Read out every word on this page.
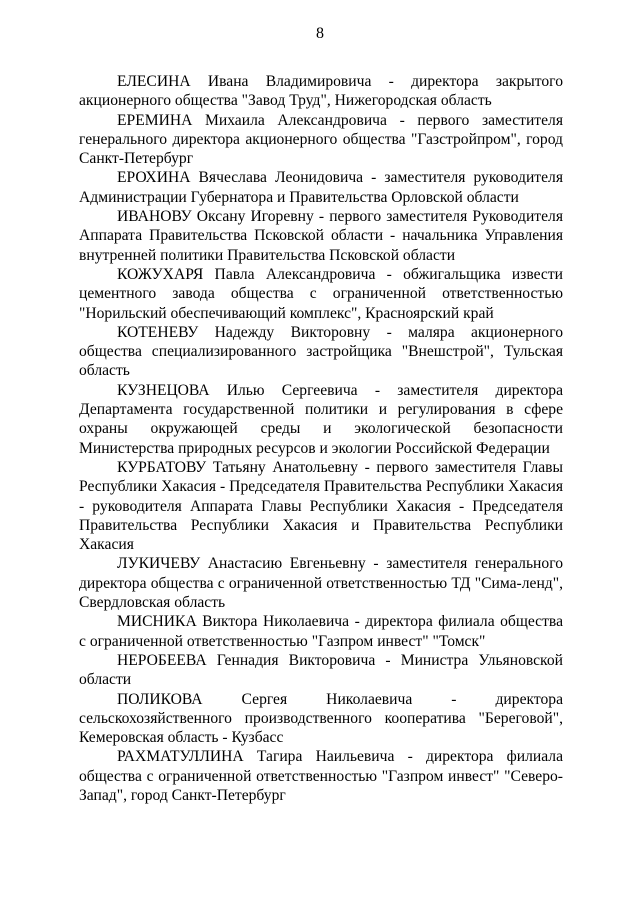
8

ЕЛЕСИНА Ивана Владимировича - директора закрытого акционерного общества "Завод Труд", Нижегородская область

ЕРЕМИНА Михаила Александровича - первого заместителя генерального директора акционерного общества "Газстройпром", город Санкт-Петербург

ЕРОХИНА Вячеслава Леонидовича - заместителя руководителя Администрации Губернатора и Правительства Орловской области

ИВАНОВУ Оксану Игоревну - первого заместителя Руководителя Аппарата Правительства Псковской области - начальника Управления внутренней политики Правительства Псковской области

КОЖУХАРЯ Павла Александровича - обжигальщика извести цементного завода общества с ограниченной ответственностью "Норильский обеспечивающий комплекс", Красноярский край

КОТЕНЕВУ Надежду Викторовну - маляра акционерного общества специализированного застройщика "Внешстрой", Тульская область

КУЗНЕЦОВА Илью Сергеевича - заместителя директора Департамента государственной политики и регулирования в сфере охраны окружающей среды и экологической безопасности Министерства природных ресурсов и экологии Российской Федерации

КУРБАТОВУ Татьяну Анатольевну - первого заместителя Главы Республики Хакасия - Председателя Правительства Республики Хакасия - руководителя Аппарата Главы Республики Хакасия - Председателя Правительства Республики Хакасия и Правительства Республики Хакасия

ЛУКИЧЕВУ Анастасию Евгеньевну - заместителя генерального директора общества с ограниченной ответственностью ТД "Сима-ленд", Свердловская область

МИСНИКА Виктора Николаевича - директора филиала общества с ограниченной ответственностью "Газпром инвест" "Томск"

НЕРОБЕЕВА Геннадия Викторовича - Министра Ульяновской области

ПОЛИКОВА Сергея Николаевича - директора сельскохозяйственного производственного кооператива "Береговой", Кемеровская область - Кузбасс

РАХМАТУЛЛИНА Тагира Наильевича - директора филиала общества с ограниченной ответственностью "Газпром инвест" "Северо-Запад", город Санкт-Петербург
